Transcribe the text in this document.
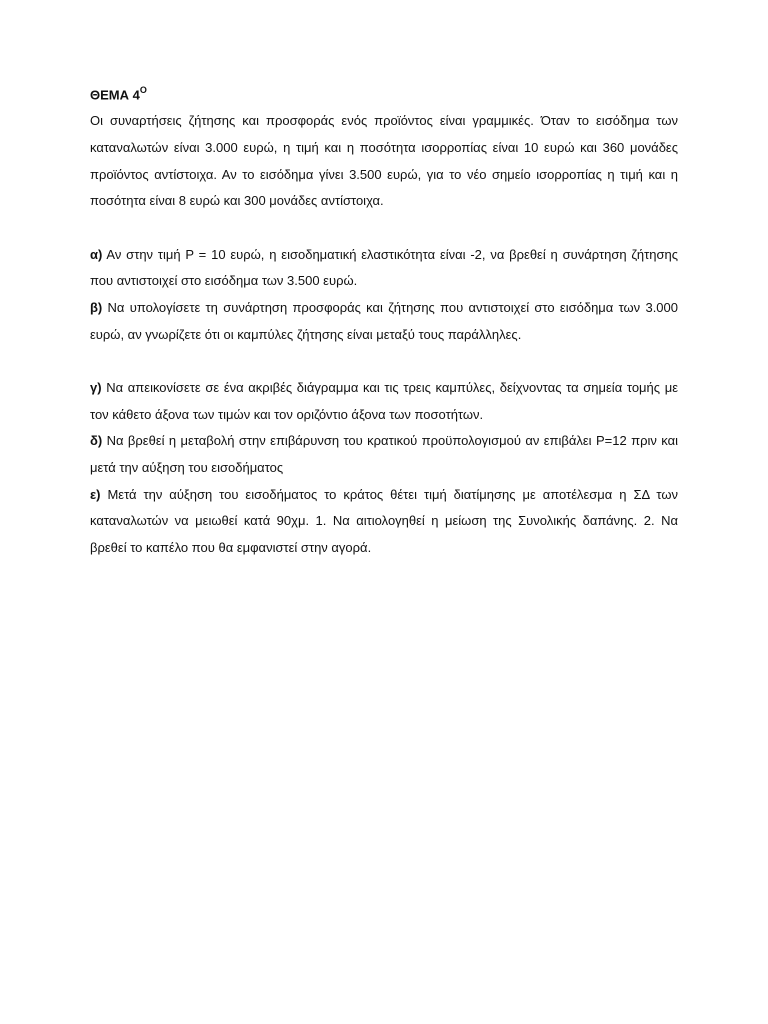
ΘΕΜΑ $4^O$

Οι συναρτήσεις ζήτησης και προσφοράς ενός προϊόντος είναι γραμμικές. Όταν το εισόδημα των καταναλωτών είναι 3.000 ευρώ, η τιμή και η ποσότητα ισορροπίας είναι 10 ευρώ και 360 μονάδες προϊόντος αντίστοιχα. Αν το εισόδημα γίνει 3.500 ευρώ, για το νέο σημείο ισορροπίας η τιμή και η ποσότητα είναι 8 ευρώ και 300 μονάδες αντίστοιχα.

α) Αν στην τιμή P = 10 ευρώ, η εισοδηματική ελαστικότητα είναι -2, να βρεθεί η συνάρτηση ζήτησης που αντιστοιχεί στο εισόδημα των 3.500 ευρώ.

β) Να υπολογίσετε τη συνάρτηση προσφοράς και ζήτησης που αντιστοιχεί στο εισόδημα των 3.000 ευρώ, αν γνωρίζετε ότι οι καμπύλες ζήτησης είναι μεταξύ τους παράλληλες.

γ) Να απεικονίσετε σε ένα ακριβές διάγραμμα και τις τρεις καμπύλες, δείχνοντας τα σημεία τομής με τον κάθετο άξονα των τιμών και τον οριζόντιο άξονα των ποσοτήτων.

δ) Να βρεθεί η μεταβολή στην επιβάρυνση του κρατικού προϋπολογισμού αν επιβάλει P=12 πριν και μετά την αύξηση του εισοδήματος

ε) Μετά την αύξηση του εισοδήματος το κράτος θέτει τιμή διατίμησης με αποτέλεσμα η ΣΔ των καταναλωτών να μειωθεί κατά 90χμ. 1. Να αιτιολογηθεί η μείωση της Συνολικής δαπάνης. 2. Να βρεθεί το καπέλο που θα εμφανιστεί στην αγορά.
